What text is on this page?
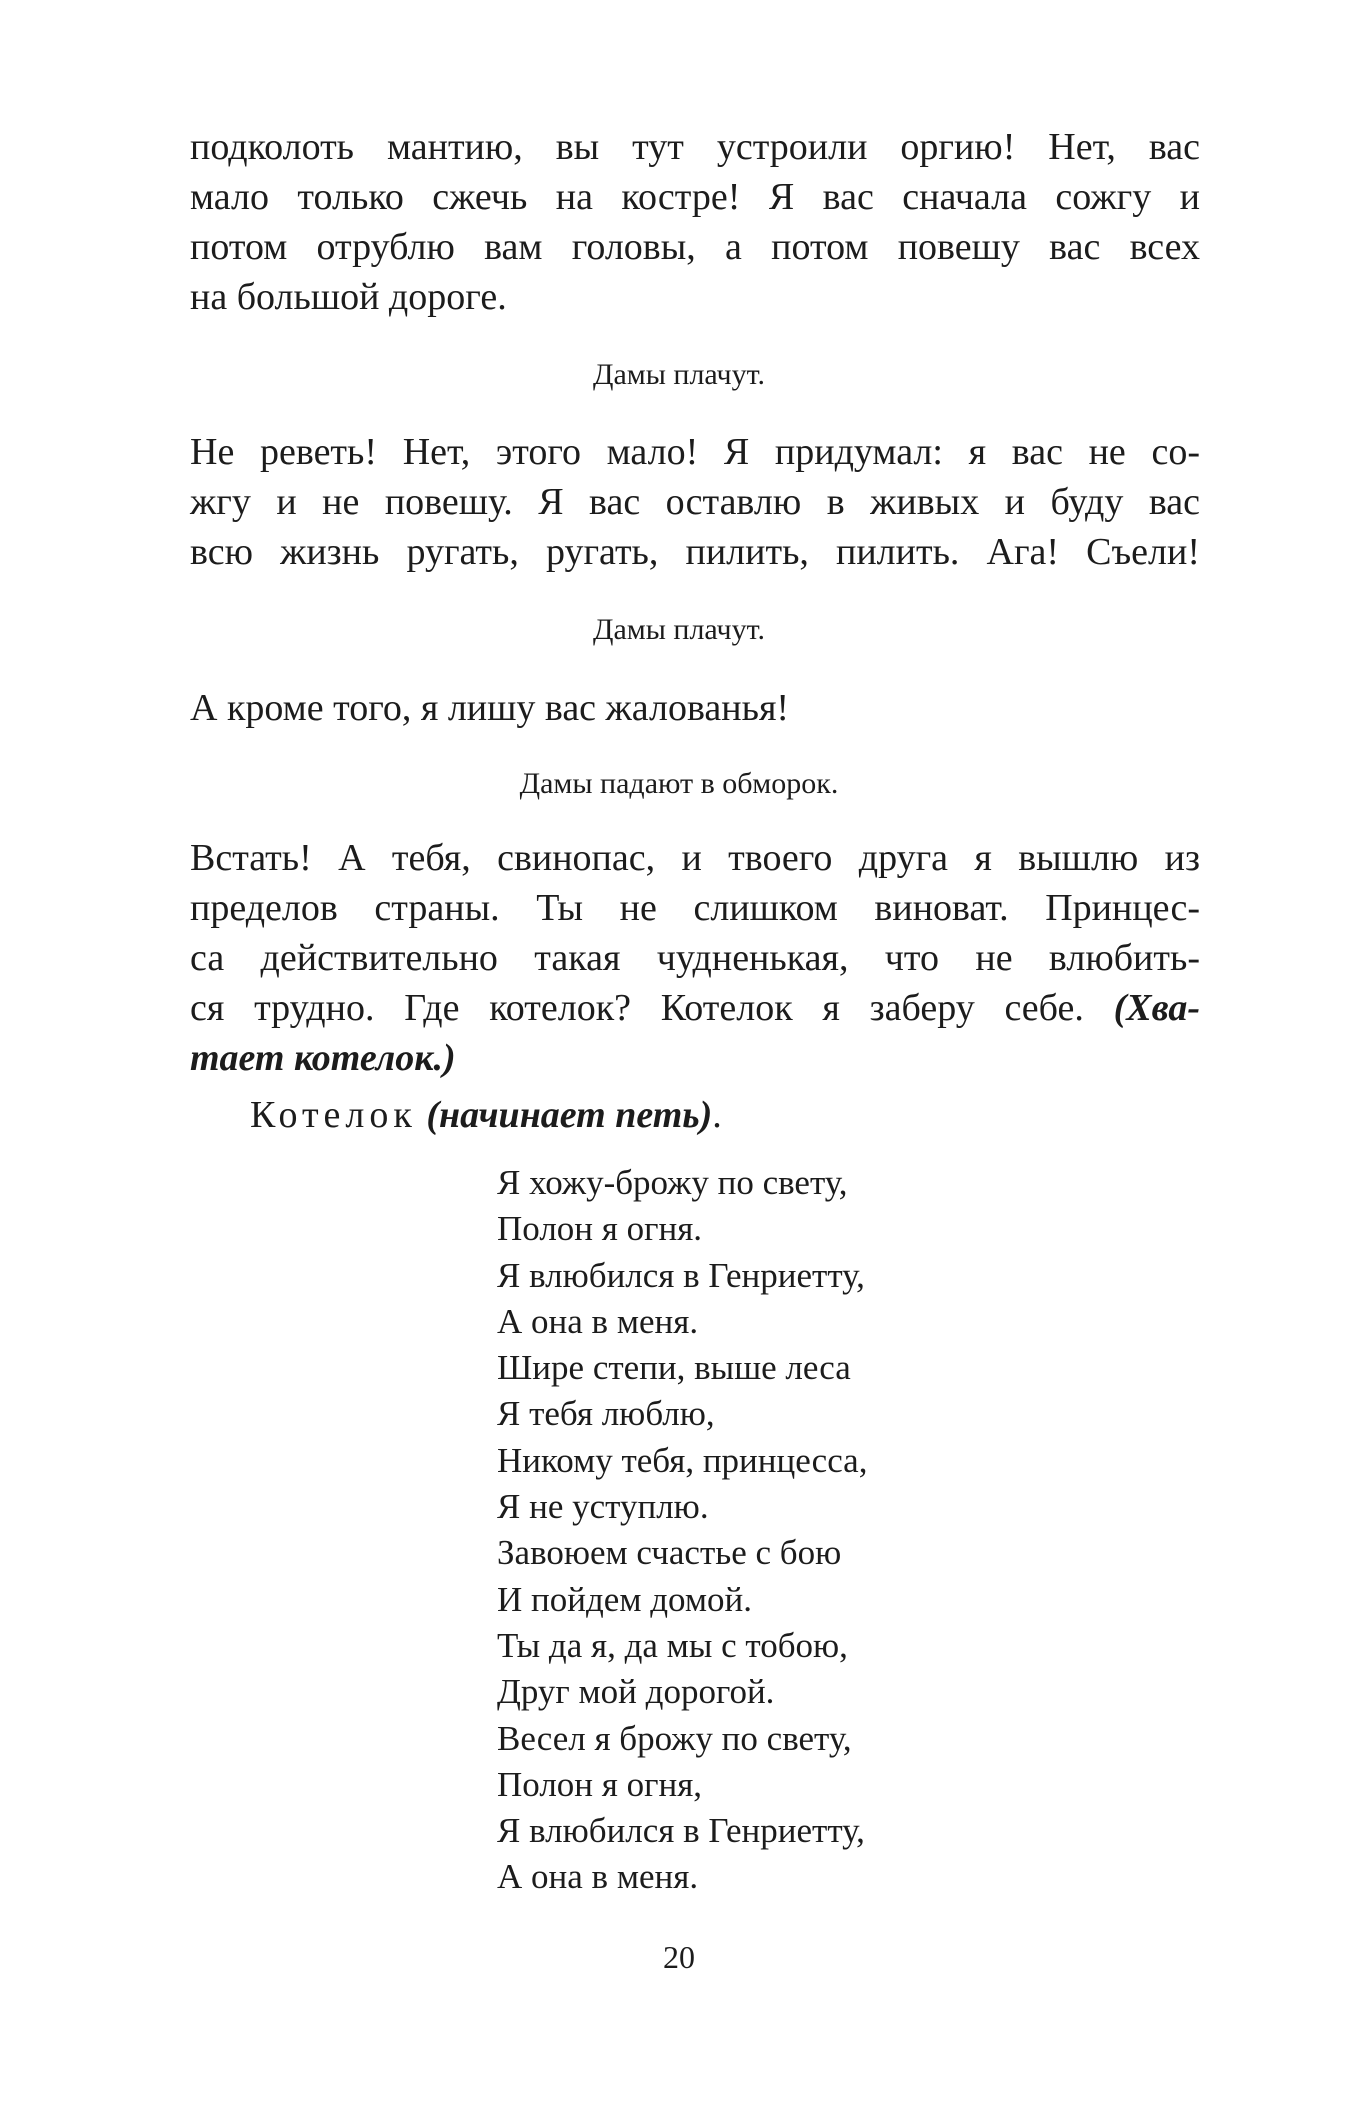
подколоть мантию, вы тут устроили оргию! Нет, вас
мало только сжечь на костре! Я вас сначала сожгу и
потом отрублю вам головы, а потом повешу вас всех
на большой дороге.

Дамы плачут.

Не реветь! Нет, этого мало! Я придумал: я вас не со-
жгу и не повешу. Я вас оставлю в живых и буду вас
всю жизнь ругать, ругать, пилить, пилить. Ага! Съели!

Дамы плачут.

А кроме того, я лишу вас жалованья!

Дамы падают в обморок.

Встать! А тебя, свинопас, и твоего друга я вышлю из
пределов страны. Ты не слишком виноват. Принцес-
са действительно такая чудненькая, что не влюбить-
ся трудно. Где котелок? Котелок я заберу себе. (Хва-
тает котелок.)

Котелок (начинает петь).

Я хожу-брожу по свету,
Полон я огня.
Я влюбился в Генриетту,
А она в меня.
Шире степи, выше леса
Я тебя люблю,
Никому тебя, принцесса,
Я не уступлю.
Завоюем счастье с бою
И пойдем домой.
Ты да я, да мы с тобою,
Друг мой дорогой.
Весел я брожу по свету,
Полон я огня,
Я влюбился в Генриетту,
А она в меня.

20
